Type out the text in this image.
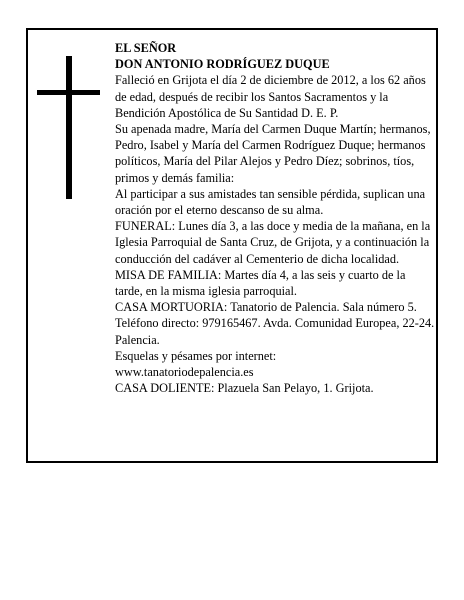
EL SEÑOR

DON ANTONIO RODRÍGUEZ DUQUE

Falleció en Grijota el día 2 de diciembre de 2012, a los 62 años de edad, después de recibir los Santos Sacramentos y la Bendición Apostólica de Su Santidad D. E. P.

Su apenada madre, María del Carmen Duque Martín; hermanos, Pedro, Isabel y María del Carmen Rodríguez Duque; hermanos políticos, María del Pilar Alejos y Pedro Díez; sobrinos, tíos, primos y demás familia:

Al participar a sus amistades tan sensible pérdida, suplican una oración por el eterno descanso de su alma.

FUNERAL: Lunes día 3, a las doce y media de la mañana, en la Iglesia Parroquial de Santa Cruz, de Grijota, y a continuación la conducción del cadáver al Cementerio de dicha localidad.

MISA DE FAMILIA: Martes día 4, a las seis y cuarto de la tarde, en la misma iglesia parroquial.

CASA MORTUORIA: Tanatorio de Palencia. Sala número 5. Teléfono directo: 979165467. Avda. Comunidad Europea, 22-24. Palencia.

Esquelas y pésames por internet:

www.tanatoriodepalencia.es

CASA DOLIENTE: Plazuela San Pelayo, 1. Grijota.
